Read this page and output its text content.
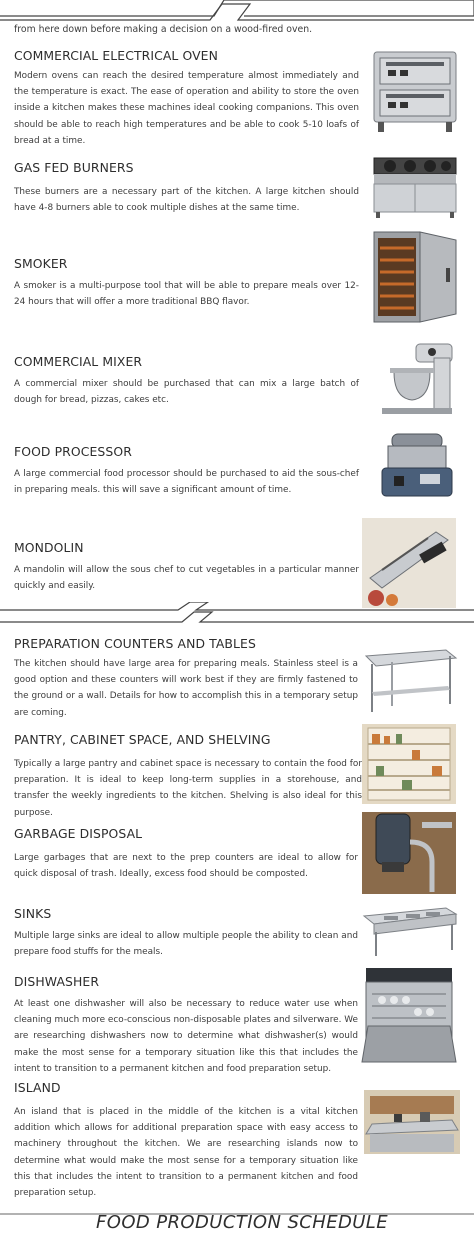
from here down before making a decision on a wood-fired oven.
COMMERCIAL ELECTRICAL OVEN

Modern ovens can reach the desired temperature almost immediately and the temperature is exact. The ease of operation and ability to store the oven inside a kitchen makes these machines ideal cooking companions. This oven should be able to reach high temperatures and be able to cook 5-10 loafs of bread at a time.

GAS FED BURNERS

These burners are a necessary part of the kitchen. A large kitchen should have 4-8 burners able to cook multiple dishes at the same time.

SMOKER

A smoker is a multi-purpose tool that will be able to prepare meals over 12-24 hours that will offer a more traditional BBQ flavor.

COMMERCIAL MIXER

A commercial mixer should be purchased that can mix a large batch of dough for bread, pizzas, cakes etc.

FOOD PROCESSOR

A large commercial food processor should be purchased to aid the sous-chef in preparing meals. this will save a significant amount of time.

MONDOLIN

A mandolin will allow the sous chef to cut vegetables in a particular manner quickly and easily.

PREPARATION COUNTERS AND TABLES

The kitchen should have large area for preparing meals. Stainless steel is a good option and these counters will work best if they are firmly fastened to the ground or a wall. Details for how to accomplish this in a temporary setup are coming.

PANTRY, CABINET SPACE, AND SHELVING

Typically a large pantry and cabinet space is necessary to contain the food for preparation. It is ideal to keep long-term supplies in a storehouse, and transfer the weekly ingredients to the kitchen. Shelving is also ideal for this purpose.

GARBAGE DISPOSAL

Large garbages that are next to the prep counters are ideal to allow for quick disposal of trash. Ideally, excess food should be composted.

SINKS

Multiple large sinks are ideal to allow multiple people the ability to clean and prepare food stuffs for the meals.

DISHWASHER

At least one dishwasher will also be necessary to reduce water use when cleaning much more eco-conscious non-disposable plates and silverware. We are researching dishwashers now to determine what dishwasher(s) would make the most sense for a temporary situation like this that includes the intent to transition to a permanent kitchen and food preparation setup.

ISLAND

An island that is placed in the middle of the kitchen is a vital kitchen addition which allows for additional preparation space with easy access to machinery throughout the kitchen. We are researching islands now to determine what would make the most sense for a temporary situation like this that includes the intent to transition to a permanent kitchen and food preparation setup.

FOOD PRODUCTION SCHEDULE
